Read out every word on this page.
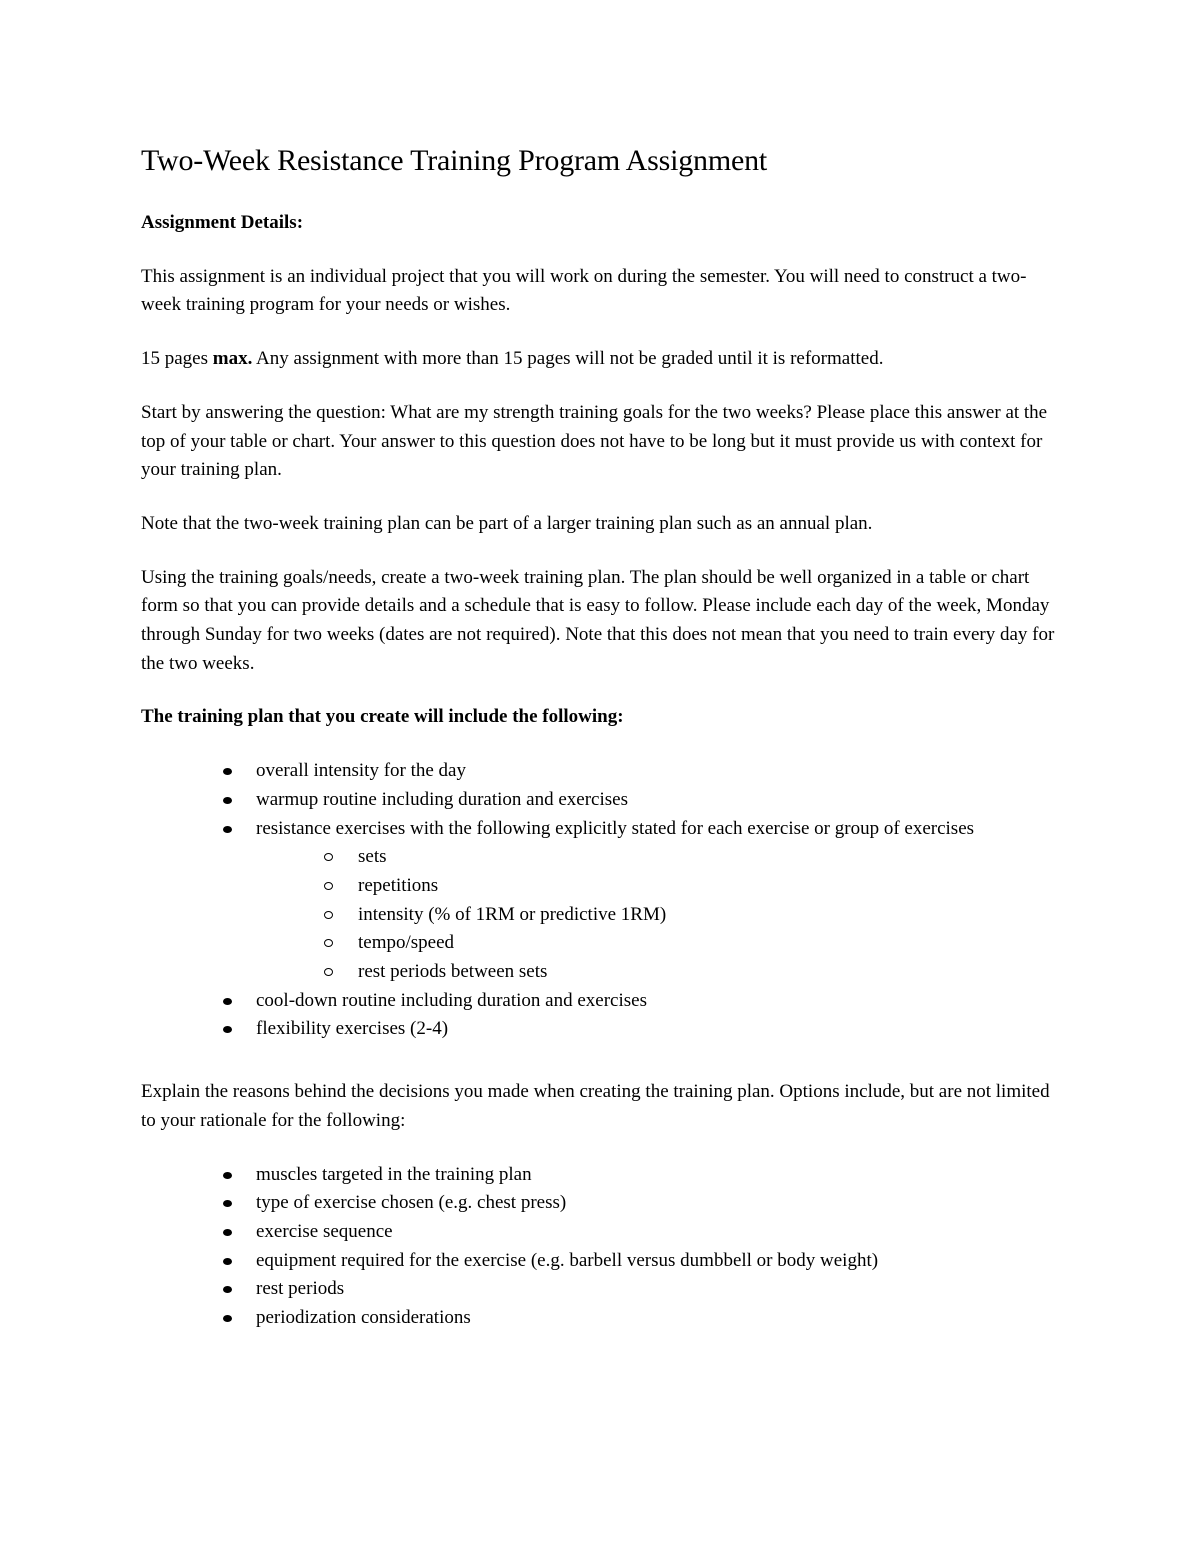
Two-Week Resistance Training Program Assignment

Assignment Details:

This assignment is an individual project that you will work on during the semester. You will need to construct a two-week training program for your needs or wishes.

15 pages max. Any assignment with more than 15 pages will not be graded until it is reformatted.

Start by answering the question: What are my strength training goals for the two weeks? Please place this answer at the top of your table or chart. Your answer to this question does not have to be long but it must provide us with context for your training plan.

Note that the two-week training plan can be part of a larger training plan such as an annual plan.

Using the training goals/needs, create a two-week training plan. The plan should be well organized in a table or chart form so that you can provide details and a schedule that is easy to follow. Please include each day of the week, Monday through Sunday for two weeks (dates are not required). Note that this does not mean that you need to train every day for the two weeks.

The training plan that you create will include the following:

overall intensity for the day
warmup routine including duration and exercises
resistance exercises with the following explicitly stated for each exercise or group of exercises
sets
repetitions
intensity (% of 1RM or predictive 1RM)
tempo/speed
rest periods between sets
cool-down routine including duration and exercises
flexibility exercises (2-4)

Explain the reasons behind the decisions you made when creating the training plan. Options include, but are not limited to your rationale for the following:

muscles targeted in the training plan
type of exercise chosen (e.g. chest press)
exercise sequence
equipment required for the exercise (e.g. barbell versus dumbbell or body weight)
rest periods
periodization considerations
